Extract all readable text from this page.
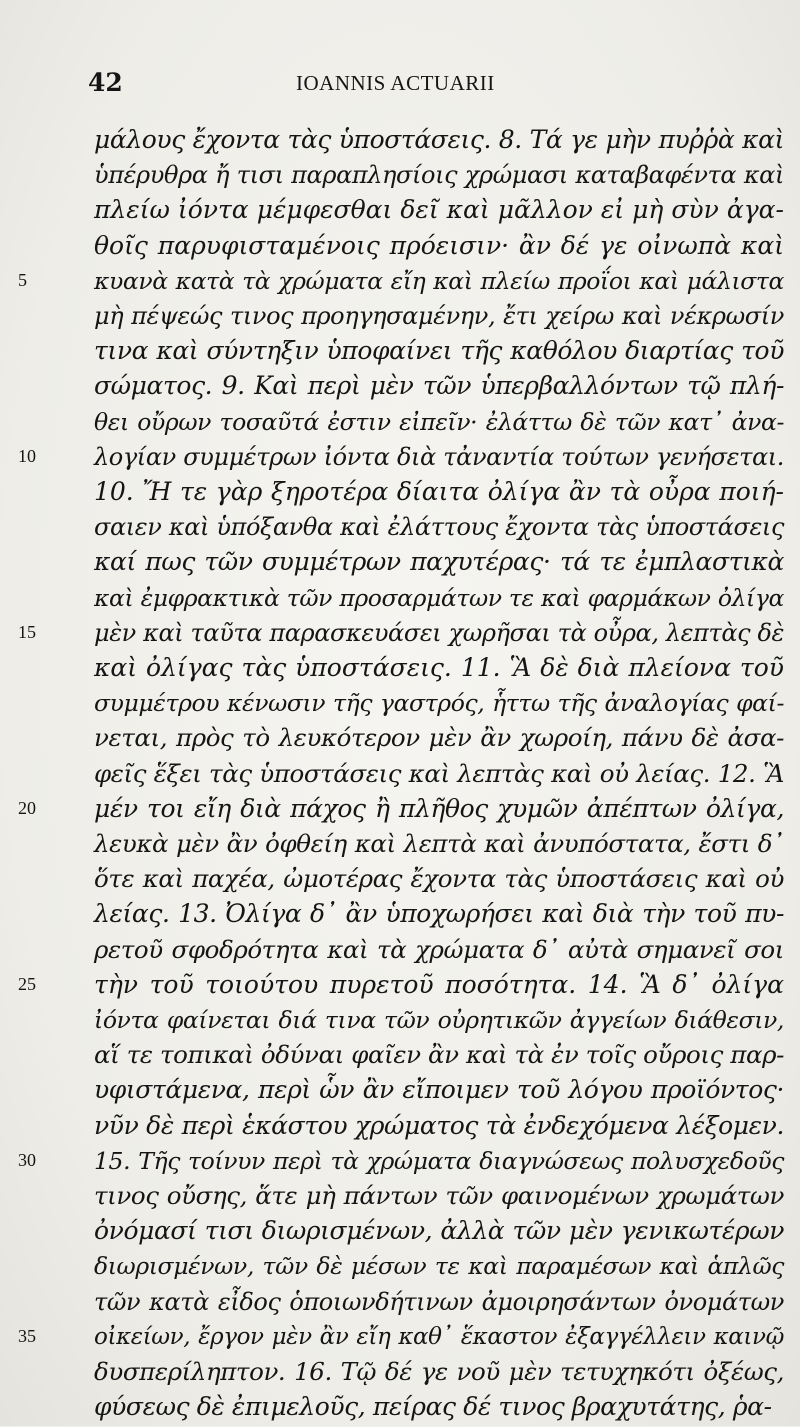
42	IOANNIS ACTUARII
μάλους ἔχοντα τὰς ὑποστάσεις. 8. Τά γε μὴν πυῤῥὰ καὶ
ὑπέρυθρα ἤ τισι παραπλησίοις χρώμασι καταβαφέντα καὶ
πλείω ἰόντα μέμφεσθαι δεῖ καὶ μᾶλλον εἰ μὴ σὺν ἀγα-
θοῖς παρυφισταμένοις πρόεισιν· ἂν δέ γε οἰνωπὰ καὶ
5	κυανὰ κατὰ τὰ χρώματα εἴη καὶ πλείω προΐοι καὶ μάλιστα
μὴ πέψεώς τινος προηγησαμένην, ἔτι χείρω καὶ νέκρωσίν
τινα καὶ σύντηξιν ὑποφαίνει τῆς καθόλου διαρτίας τοῦ
σώματος. 9. Καὶ περὶ μὲν τῶν ὑπερβαλλόντων τῷ πλή-
θει οὔρων τοσαῦτά ἐστιν εἰπεῖν· ἐλάττω δὲ τῶν κατ᾽ ἀνα-
10 λογίαν συμμέτρων ἰόντα διὰ τἀναντία τούτων γενήσεται.
10. Ἤ τε γὰρ ξηροτέρα δίαιτα ὀλίγα ἂν τὰ οὖρα ποιή-
σαιεν καὶ ὑπόξανθα καὶ ἐλάττους ἔχοντα τὰς ὑποστάσεις
καί πως τῶν συμμέτρων παχυτέρας· τά τε ἐμπλαστικὰ
καὶ ἐμφρακτικὰ τῶν προσαρμάτων τε καὶ φαρμάκων ὀλίγα
15 μὲν καὶ ταῦτα παρασκευάσει χωρῆσαι τὰ οὖρα, λεπτὰς δὲ
καὶ ὀλίγας τὰς ὑποστάσεις. 11. Ἃ δὲ διὰ πλείονα τοῦ
συμμέτρου κένωσιν τῆς γαστρός, ἧττω τῆς ἀναλογίας φαί-
νεται, πρὸς τὸ λευκότερον μὲν ἂν χωροίη, πάνυ δὲ ἀσα-
φεῖς ἕξει τὰς ὑποστάσεις καὶ λεπτὰς καὶ οὐ λείας. 12. Ἃ
20 μέν τοι εἴη διὰ πάχος ἢ πλῆθος χυμῶν ἀπέπτων ὀλίγα,
λευκὰ μὲν ἂν ὀφθείη καὶ λεπτὰ καὶ ἀνυπόστατα, ἔστι δ᾽
ὅτε καὶ παχέα, ὠμοτέρας ἔχοντα τὰς ὑποστάσεις καὶ οὐ
λείας. 13. Ὀλίγα δ᾽ ἂν ὑποχωρήσει καὶ διὰ τὴν τοῦ πυ-
ρετοῦ σφοδρότητα καὶ τὰ χρώματα δ᾽ αὐτὰ σημανεῖ σοι
25 τὴν τοῦ τοιούτου πυρετοῦ ποσότητα. 14. Ἃ δ᾽ ὀλίγα
ἰόντα φαίνεται διά τινα τῶν οὐρητικῶν ἀγγείων διάθεσιν,
αἵ τε τοπικαὶ ὀδύναι φαῖεν ἂν καὶ τὰ ἐν τοῖς οὔροις παρ-
υφιστάμενα, περὶ ὧν ἂν εἴποιμεν τοῦ λόγου προϊόντος·
νῦν δὲ περὶ ἑκάστου χρώματος τὰ ἐνδεχόμενα λέξομεν.
30 15. Τῆς τοίνυν περὶ τὰ χρώματα διαγνώσεως πολυσχεδοῦς
τινος οὔσης, ἅτε μὴ πάντων τῶν φαινομένων χρωμάτων
ὀνόμασί τισι διωρισμένων, ἀλλὰ τῶν μὲν γενικωτέρων
διωρισμένων, τῶν δὲ μέσων τε καὶ παραμέσων καὶ ἁπλῶς
τῶν κατὰ εἶδος ὁποιωνδήτινων ἀμοιρησάντων ὀνομάτων
35	οἰκείων, ἔργον μὲν ἂν εἴη καθ᾽ ἕκαστον ἐξαγγέλλειν καινῷ
δυσπερίληπτον. 16. Τῷ δέ γε νοῦ μὲν τετυχηκότι ὀξέως,
φύσεως δὲ ἐπιμελοῦς, πείρας δέ τινος βραχυτάτης, ῥα-
